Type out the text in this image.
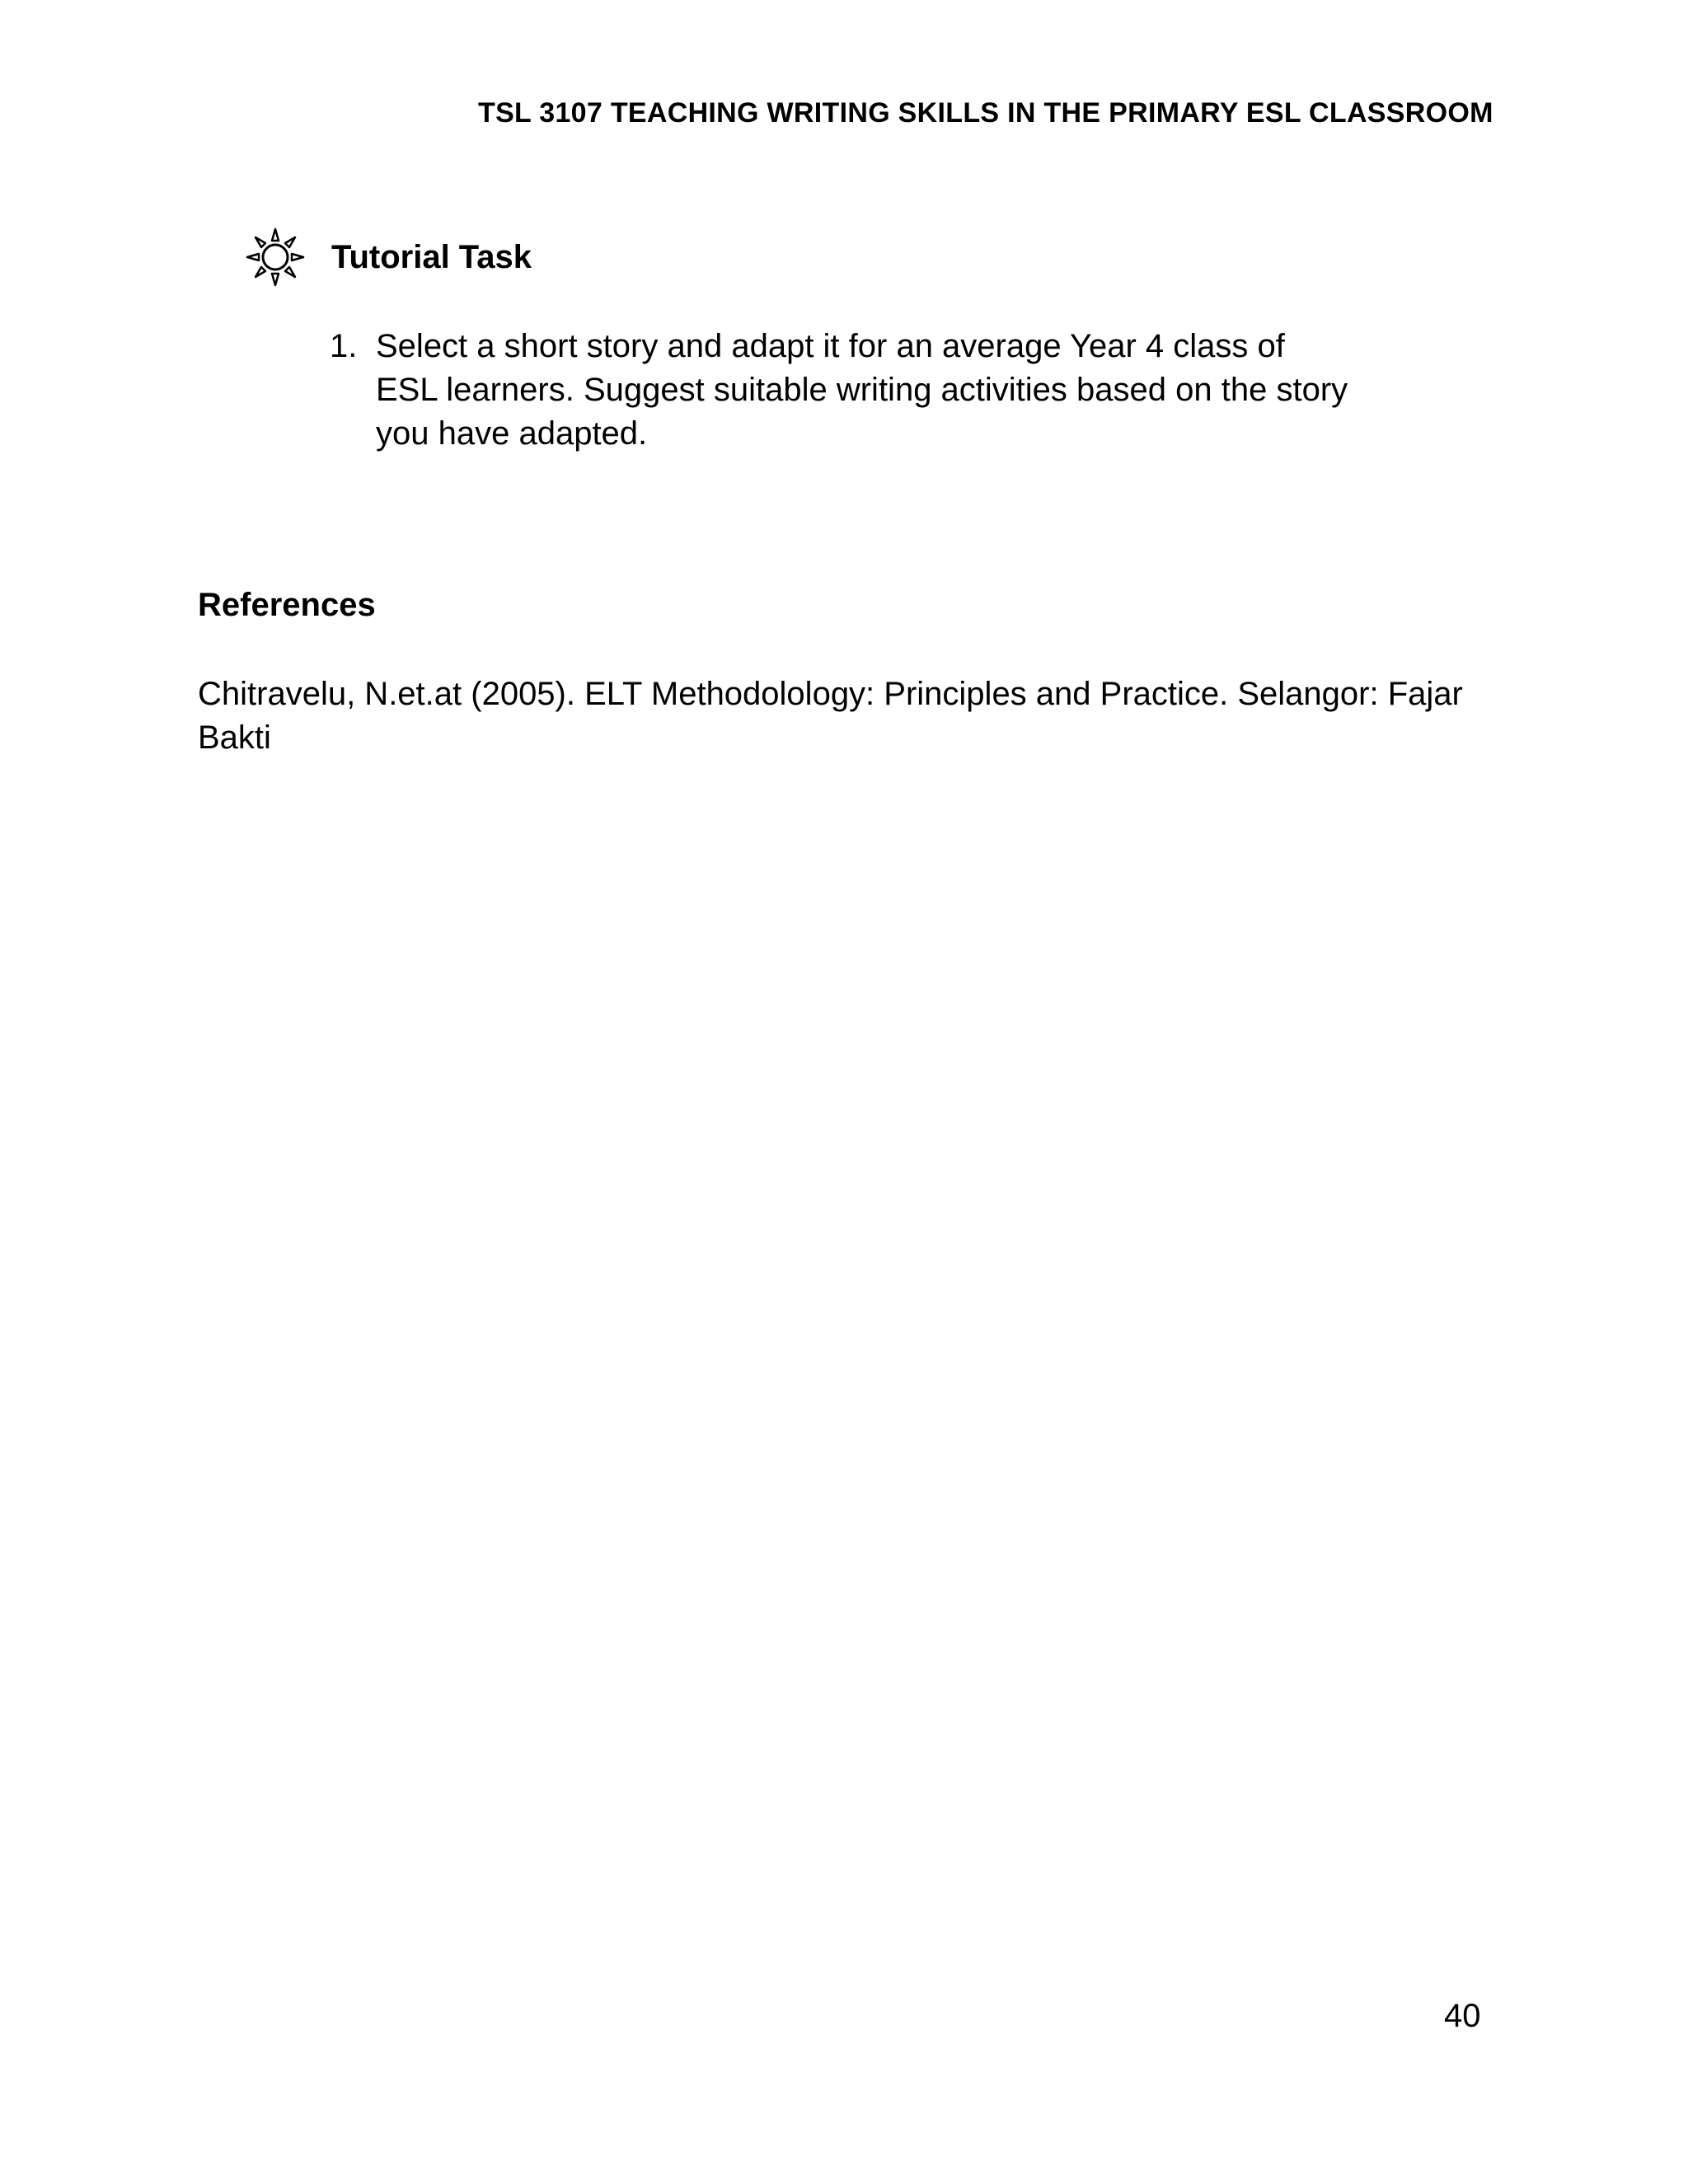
TSL 3107 TEACHING WRITING SKILLS IN THE PRIMARY ESL CLASSROOM
Tutorial Task
1. Select a short story and adapt it for an average Year 4 class of
ESL learners. Suggest suitable writing activities based on the story
you have adapted.
References
Chitravelu, N.et.at (2005). ELT Methodolology: Principles and Practice. Selangor: Fajar
Bakti
40
